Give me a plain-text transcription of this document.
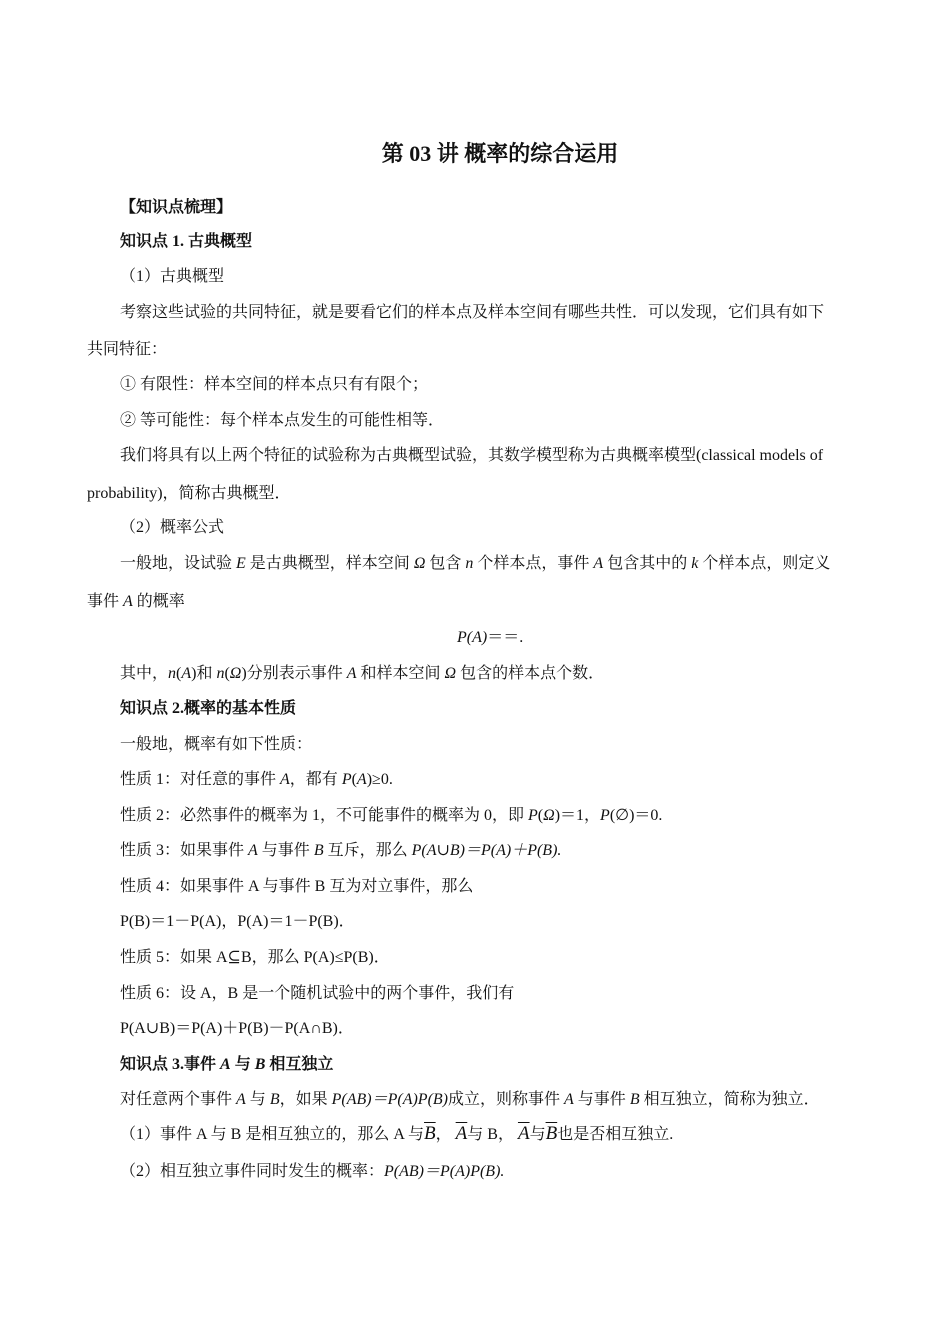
第 03 讲 概率的综合运用
【知识点梳理】
知识点 1. 古典概型
（1）古典概型
考察这些试验的共同特征，就是要看它们的样本点及样本空间有哪些共性．可以发现，它们具有如下
共同特征：
① 有限性：样本空间的样本点只有有限个；
② 等可能性：每个样本点发生的可能性相等．
我们将具有以上两个特征的试验称为古典概型试验，其数学模型称为古典概率模型(classical models of
probability)，简称古典概型．
（2）概率公式
一般地，设试验 E 是古典概型，样本空间 Ω 包含 n 个样本点，事件 A 包含其中的 k 个样本点，则定义
事件 A 的概率
P(A)＝＝.
其中，n(A)和 n(Ω)分别表示事件 A 和样本空间 Ω 包含的样本点个数．
知识点 2.概率的基本性质
一般地，概率有如下性质：
性质 1：对任意的事件 A，都有 P(A)≥0.
性质 2：必然事件的概率为 1，不可能事件的概率为 0，即 P(Ω)＝1，P(∅)＝0.
性质 3：如果事件 A 与事件 B 互斥，那么 P(A∪B)＝P(A)＋P(B).
性质 4：如果事件 A 与事件 B 互为对立事件，那么
P(B)＝1－P(A)，P(A)＝1－P(B)．
性质 5：如果 A⊆B，那么 P(A)≤P(B)．
性质 6：设 A，B 是一个随机试验中的两个事件，我们有
P(A∪B)＝P(A)＋P(B)－P(A∩B)．
知识点 3.事件 A 与 B 相互独立
对任意两个事件 A 与 B，如果 P(AB)＝P(A)P(B)成立，则称事件 A 与事件 B 相互独立，简称为独立．
（1）事件 A 与 B 是相互独立的，那么 A 与$\overline{B}$， $\overline{A}$与 B， $\overline{A}$与$\overline{B}$也是否相互独立.
（2）相互独立事件同时发生的概率：P(AB)＝P(A)P(B).
